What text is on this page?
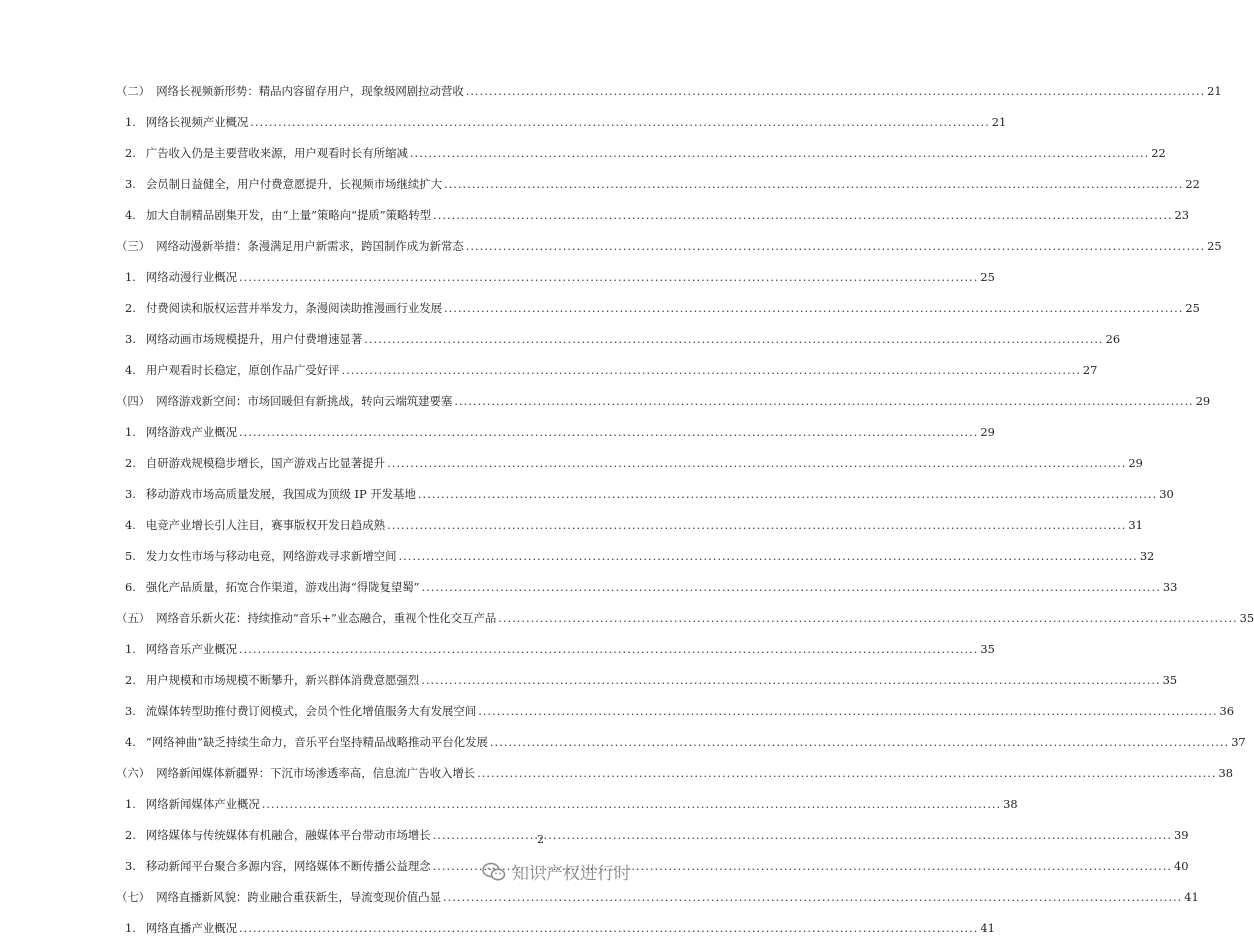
（二） 网络长视频新形势：精品内容留存用户，现象级网剧拉动营收 .....	21
1. 网络长视频产业概况 .....	21
2. 广告收入仍是主要营收来源，用户观看时长有所缩减 .....	22
3. 会员制日益健全，用户付费意愿提升，长视频市场继续扩大 .....	22
4. 加大自制精品剧集开发，由“上量”策略向“提质”策略转型 .....	23
（三） 网络动漫新举措：条漫满足用户新需求，跨国制作成为新常态 .....	25
1. 网络动漫行业概况 .....	25
2. 付费阅读和版权运营并举发力，条漫阅读助推漫画行业发展 .....	25
3. 网络动画市场规模提升，用户付费增速显著 .....	26
4. 用户观看时长稳定，原创作品广受好评 .....	27
（四） 网络游戏新空间：市场回暖但有新挑战，转向云端筑建要塞 .....	29
1. 网络游戏产业概况 .....	29
2. 自研游戏规模稳步增长，国产游戏占比显著提升 .....	29
3. 移动游戏市场高质量发展，我国成为顶级 IP 开发基地 .....	30
4. 电竞产业增长引人注目，赛事版权开发日趋成熟 .....	31
5. 发力女性市场与移动电竞，网络游戏寻求新增空间 .....	32
6. 强化产品质量，拓宽合作渠道，游戏出海“得陇复望蜀” .....	33
（五） 网络音乐新火花：持续推动“音乐+”业态融合，重视个性化交互产品 .....	35
1. 网络音乐产业概况 .....	35
2. 用户规模和市场规模不断攀升，新兴群体消费意愿强烈 .....	35
3. 流媒体转型助推付费订阅模式，会员个性化增值服务大有发展空间 .....	36
4. “网络神曲”缺乏持续生命力，音乐平台坚持精品战略推动平台化发展 .....	37
（六） 网络新闻媒体新疆界：下沉市场渗透率高，信息流广告收入增长 .....	38
1. 网络新闻媒体产业概况 .....	38
2. 网络媒体与传统媒体有机融合，融媒体平台带动市场增长 .....	39
3. 移动新闻平台聚合多源内容，网络媒体不断传播公益理念 .....	40
（七） 网络直播新风貌：跨业融合重获新生，导流变现价值凸显 .....	41
1. 网络直播产业概况 .....	41
2
知识产权进行时
